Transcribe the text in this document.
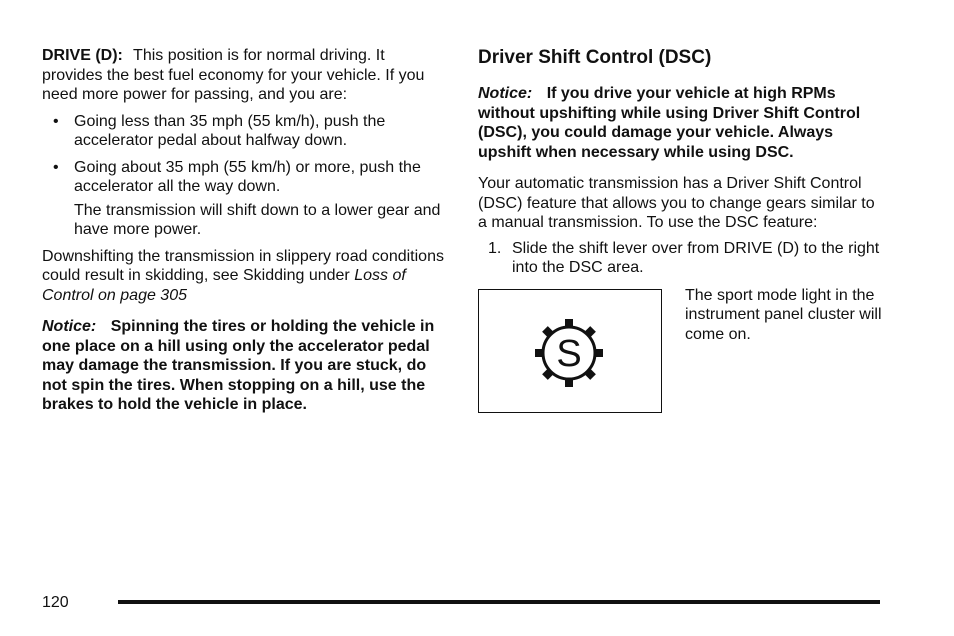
DRIVE (D): This position is for normal driving. It provides the best fuel economy for your vehicle. If you need more power for passing, and you are:

• Going less than 35 mph (55 km/h), push the accelerator pedal about halfway down.
• Going about 35 mph (55 km/h) or more, push the accelerator all the way down.

The transmission will shift down to a lower gear and have more power.

Downshifting the transmission in slippery road conditions could result in skidding, see Skidding under Loss of Control on page 305

Notice: Spinning the tires or holding the vehicle in one place on a hill using only the accelerator pedal may damage the transmission. If you are stuck, do not spin the tires. When stopping on a hill, use the brakes to hold the vehicle in place.

Driver Shift Control (DSC)

Notice: If you drive your vehicle at high RPMs without upshifting while using Driver Shift Control (DSC), you could damage your vehicle. Always upshift when necessary while using DSC.

Your automatic transmission has a Driver Shift Control (DSC) feature that allows you to change gears similar to a manual transmission. To use the DSC feature:

1. Slide the shift lever over from DRIVE (D) to the right into the DSC area.
S
The sport mode light in the instrument panel cluster will come on.
120
